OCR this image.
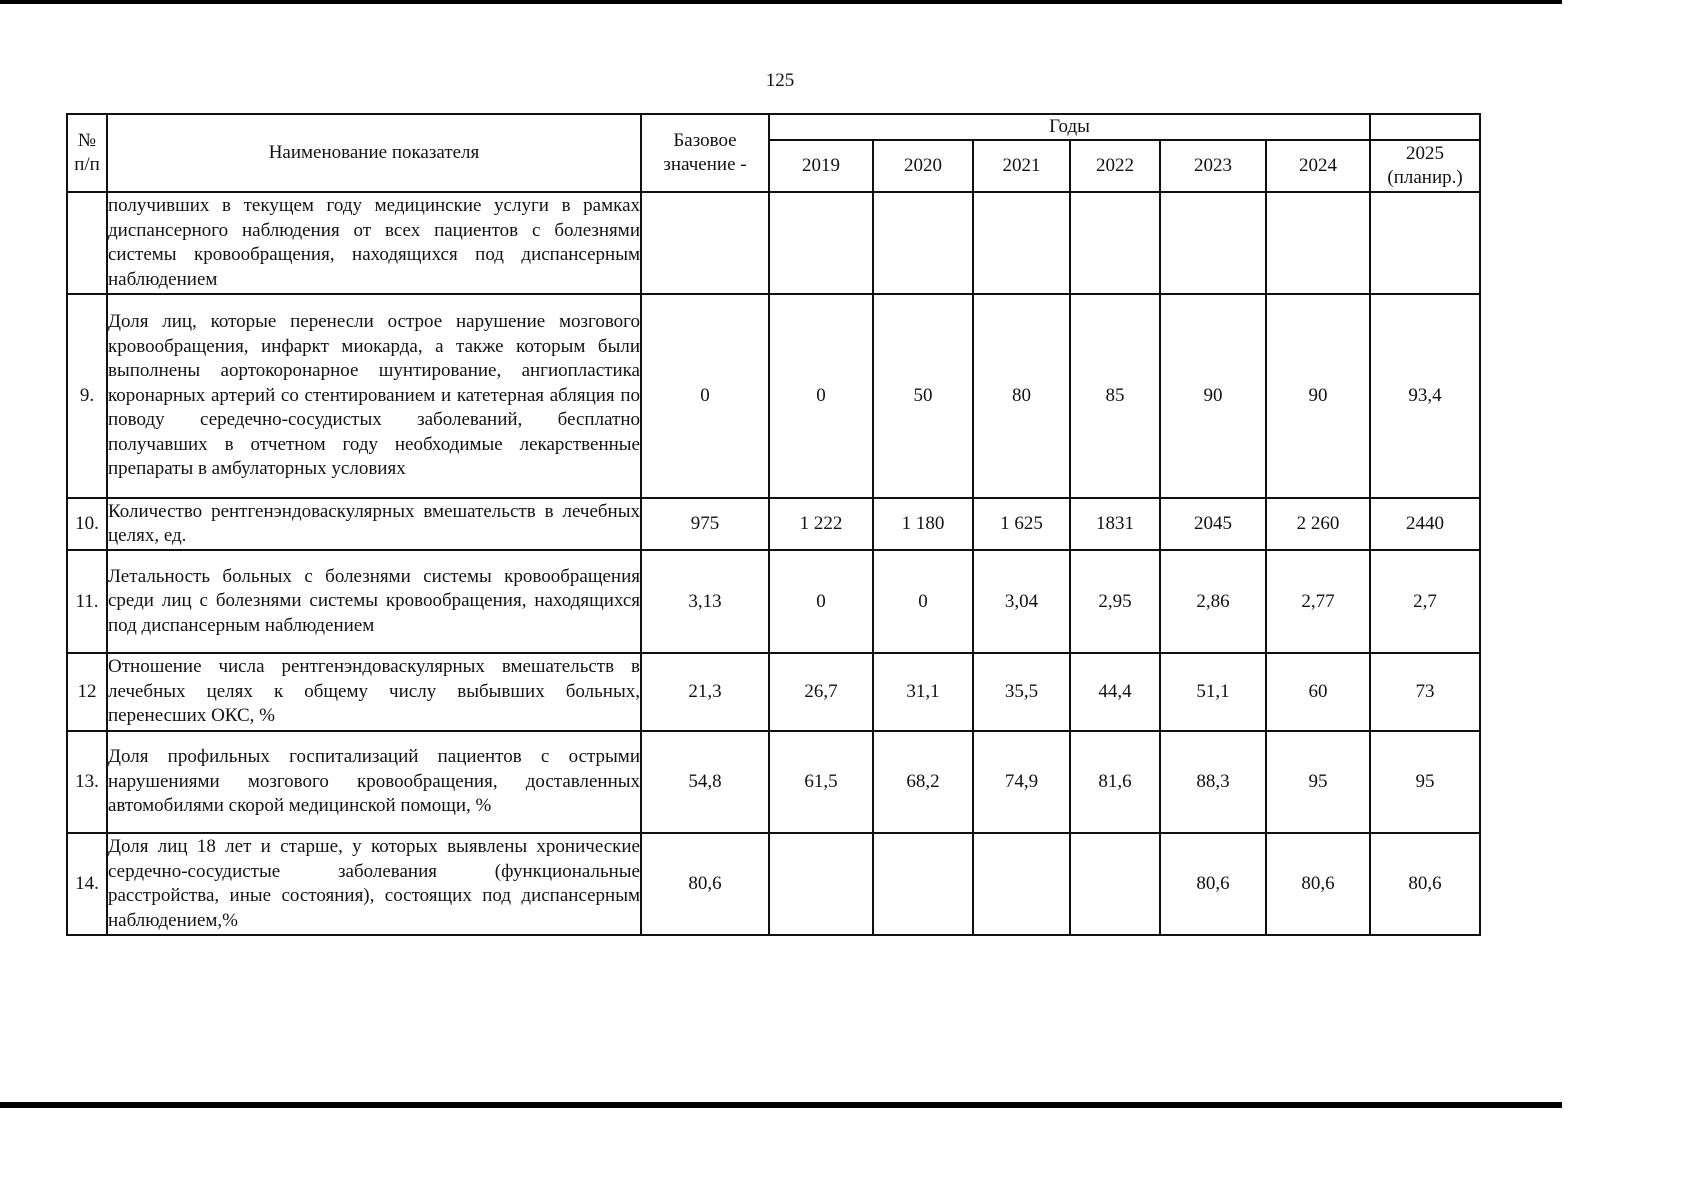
125
№ п/п	Наименование показателя	Базовое значение -	Годы						
			2019	2020	2021	2022	2023	2024	2025 (планир.)
	получивших в текущем году медицинские услуги в рамках диспансерного наблюдения от всех пациентов с болезнями системы кровообращения, находящихся под диспансерным наблюдением								
9.	Доля лиц, которые перенесли острое нарушение мозгового кровообращения, инфаркт миокарда, а также которым были выполнены аортокоронарное шунтирование, ангиопластика коронарных артерий со стентированием и катетерная абляция по поводу середечно-сосудистых заболеваний, бесплатно получавших в отчетном году необходимые лекарственные препараты в амбулаторных условиях	0	0	50	80	85	90	90	93,4
10.	Количество рентгенэндоваскулярных вмешательств в лечебных целях, ед.	975	1 222	1 180	1 625	1831	2045	2 260	2440
11.	Летальность больных с болезнями системы кровообращения среди лиц с болезнями системы кровообращения, находящихся под диспансерным наблюдением	3,13	0	0	3,04	2,95	2,86	2,77	2,7
12	Отношение числа рентгенэндоваскулярных вмешательств в лечебных целях к общему числу выбывших больных, перенесших ОКС, %	21,3	26,7	31,1	35,5	44,4	51,1	60	73
13.	Доля профильных госпитализаций пациентов с острыми нарушениями мозгового кровообращения, доставленных автомобилями скорой медицинской помощи, %	54,8	61,5	68,2	74,9	81,6	88,3	95	95
14.	Доля лиц 18 лет и старше, у которых выявлены хронические сердечно-сосудистые заболевания (функциональные расстройства, иные состояния), состоящих под диспансерным наблюдением,%	80,6					80,6	80,6	80,6
